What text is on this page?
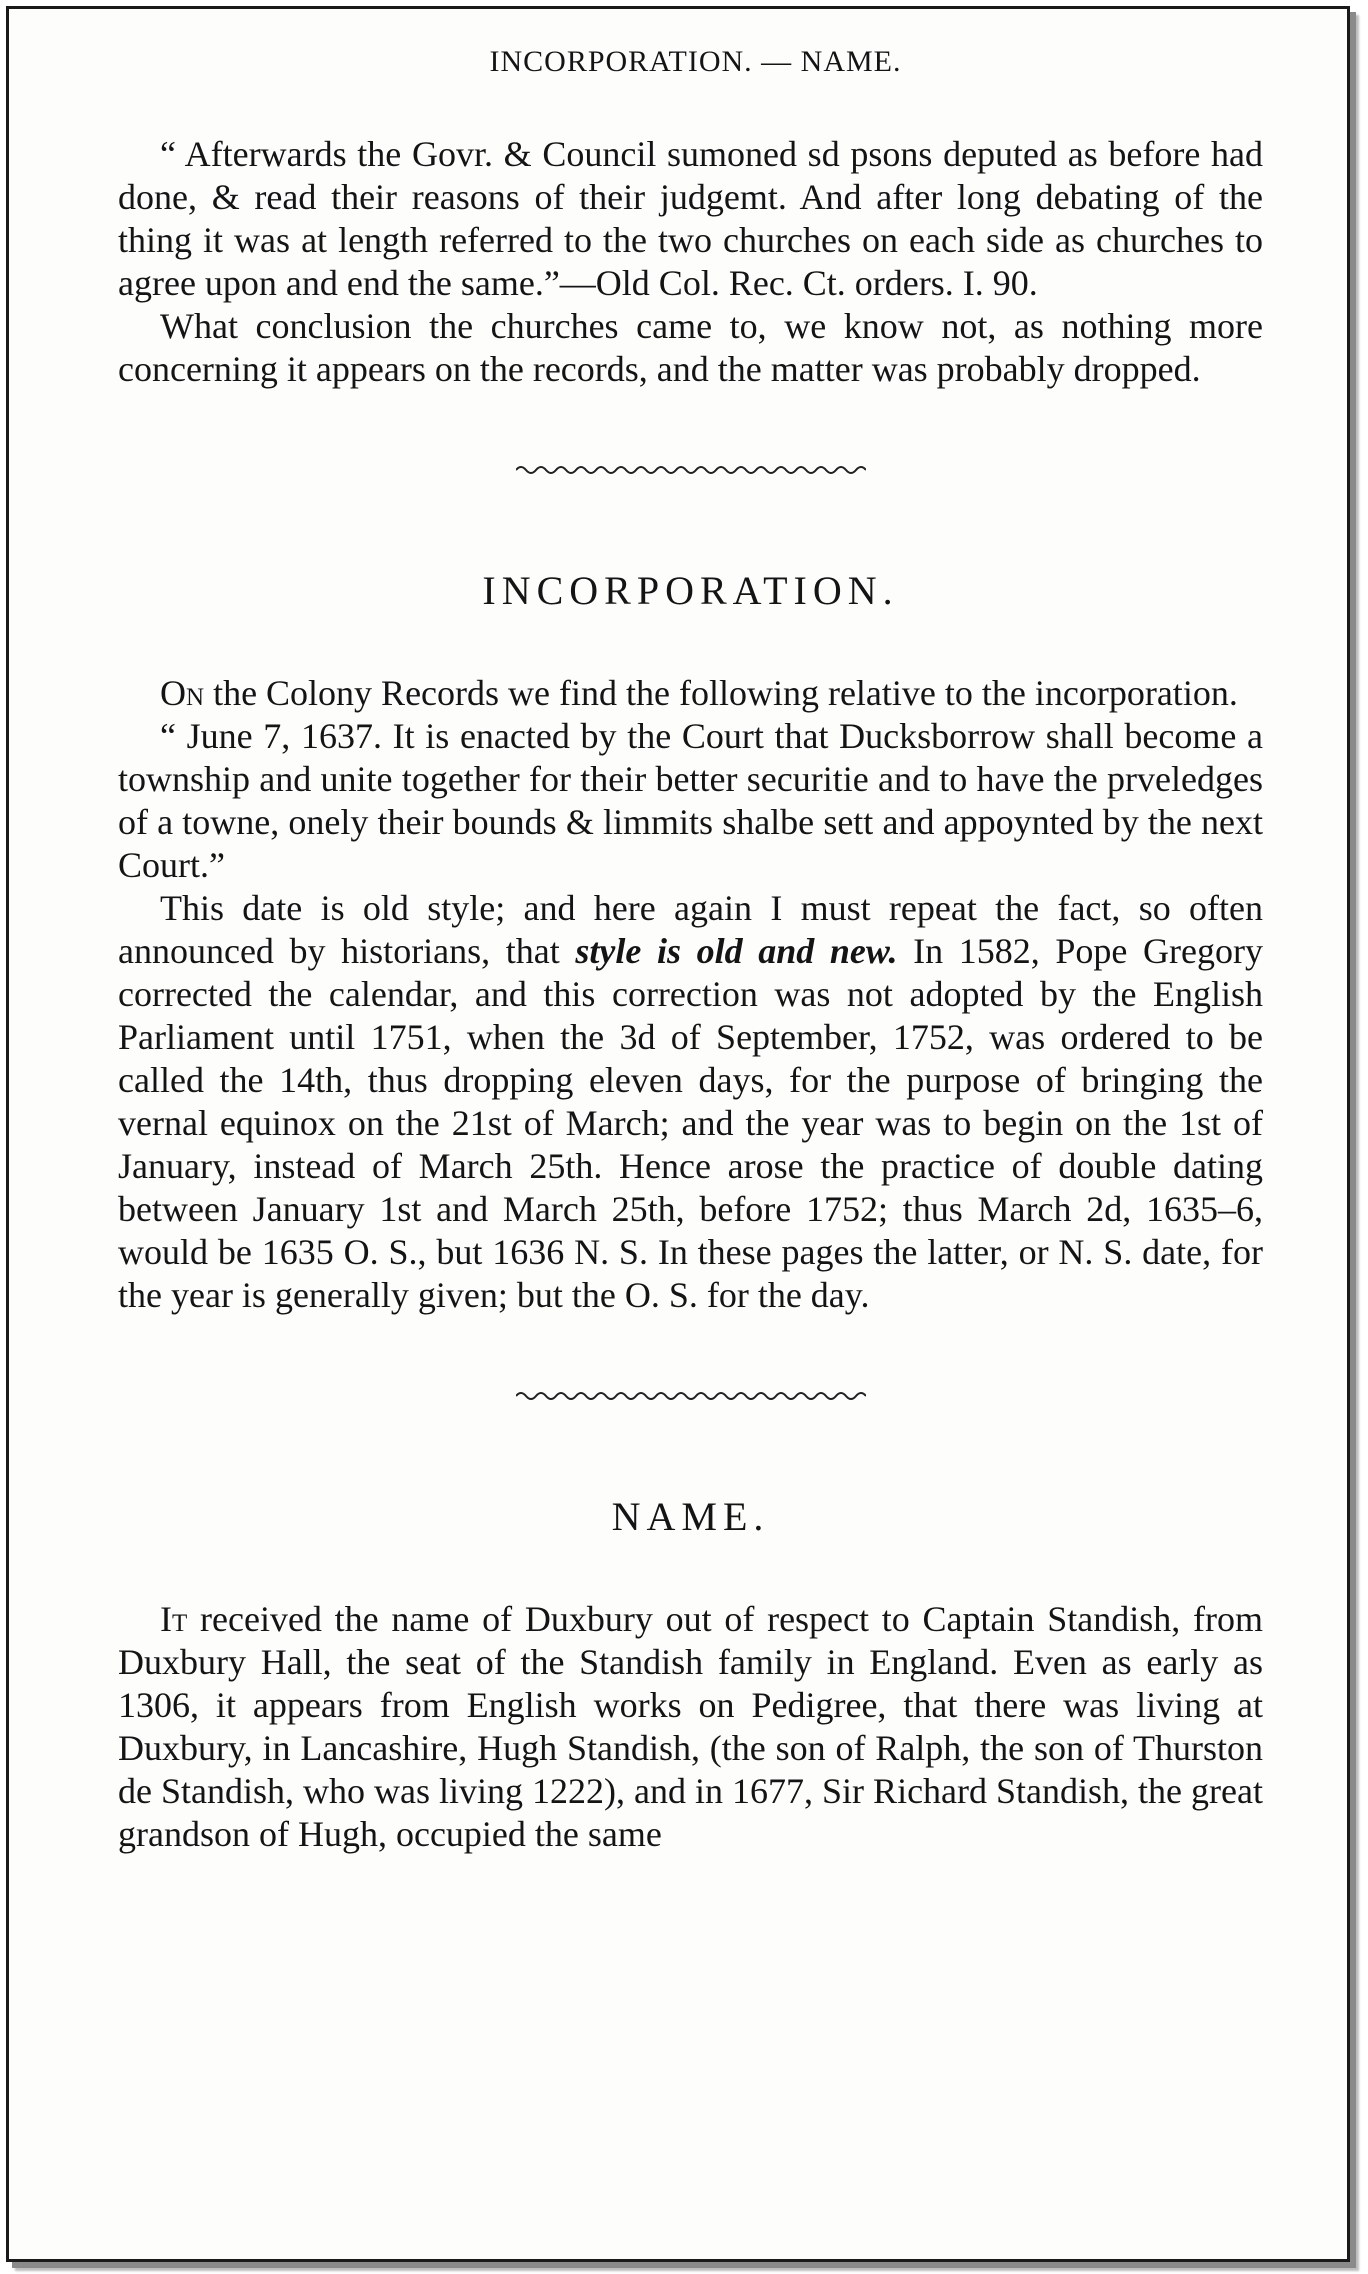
INCORPORATION. — NAME.

“ Afterwards the Govr. & Council sumoned sd psons deputed as before had done, & read their reasons of their judgemt. And after long debating of the thing it was at length referred to the two churches on each side as churches to agree upon and end the same.”—Old Col. Rec. Ct. orders. I. 90.

What conclusion the churches came to, we know not, as nothing more concerning it appears on the records, and the matter was probably dropped.

INCORPORATION.

On the Colony Records we find the following relative to the incorporation.

“ June 7, 1637. It is enacted by the Court that Ducksborrow shall become a township and unite together for their better securitie and to have the prveledges of a towne, onely their bounds & limmits shalbe sett and appoynted by the next Court.”

This date is old style; and here again I must repeat the fact, so often announced by historians, that style is old and new. In 1582, Pope Gregory corrected the calendar, and this correction was not adopted by the English Parliament until 1751, when the 3d of September, 1752, was ordered to be called the 14th, thus dropping eleven days, for the purpose of bringing the vernal equinox on the 21st of March; and the year was to begin on the 1st of January, instead of March 25th. Hence arose the practice of double dating between January 1st and March 25th, before 1752; thus March 2d, 1635–6, would be 1635 O. S., but 1636 N. S. In these pages the latter, or N. S. date, for the year is generally given; but the O. S. for the day.

NAME.

It received the name of Duxbury out of respect to Captain Standish, from Duxbury Hall, the seat of the Standish family in England. Even as early as 1306, it appears from English works on Pedigree, that there was living at Duxbury, in Lancashire, Hugh Standish, (the son of Ralph, the son of Thurston de Standish, who was living 1222), and in 1677, Sir Richard Standish, the great grandson of Hugh, occupied the same
